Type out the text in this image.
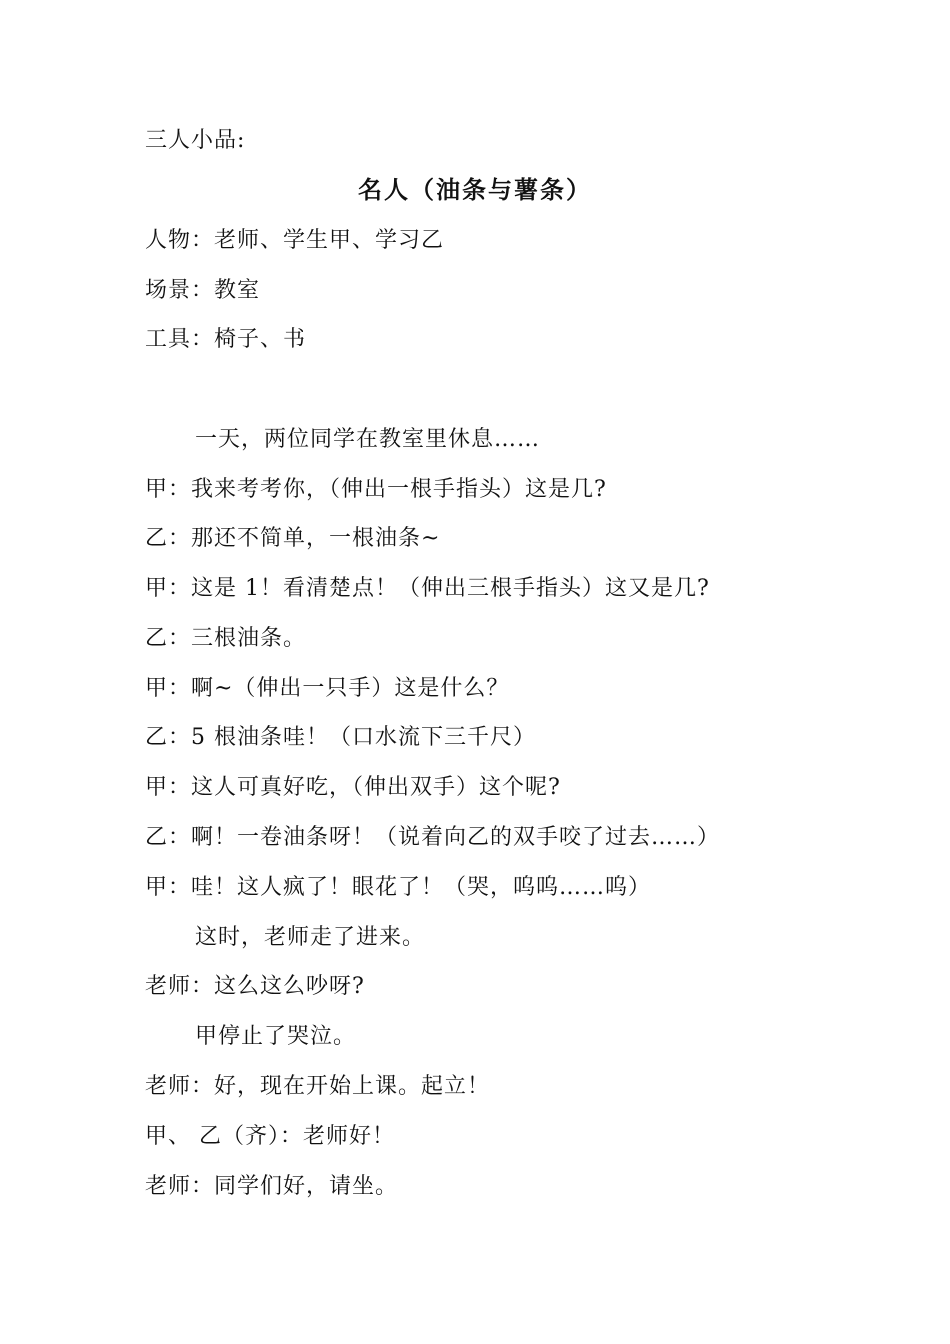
三人小品:
名人（油条与薯条）
人物：老师、学生甲、学习乙
场景：教室
工具：椅子、书
一天，两位同学在教室里休息……
甲：我来考考你，（伸出一根手指头）这是几?
乙：那还不简单，一根油条~
甲：这是 1！看清楚点！（伸出三根手指头）这又是几?
乙：三根油条。
甲：啊~（伸出一只手）这是什么？
乙：5 根油条哇！（口水流下三千尺）
甲：这人可真好吃，（伸出双手）这个呢?
乙：啊！一卷油条呀！（说着向乙的双手咬了过去……）
甲：哇！这人疯了！眼花了！（哭，呜呜……呜）
这时，老师走了进来。
老师：这么这么吵呀?
甲停止了哭泣。
老师：好，现在开始上课。起立！
甲、 乙（齐）：老师好！
老师：同学们好，请坐。
